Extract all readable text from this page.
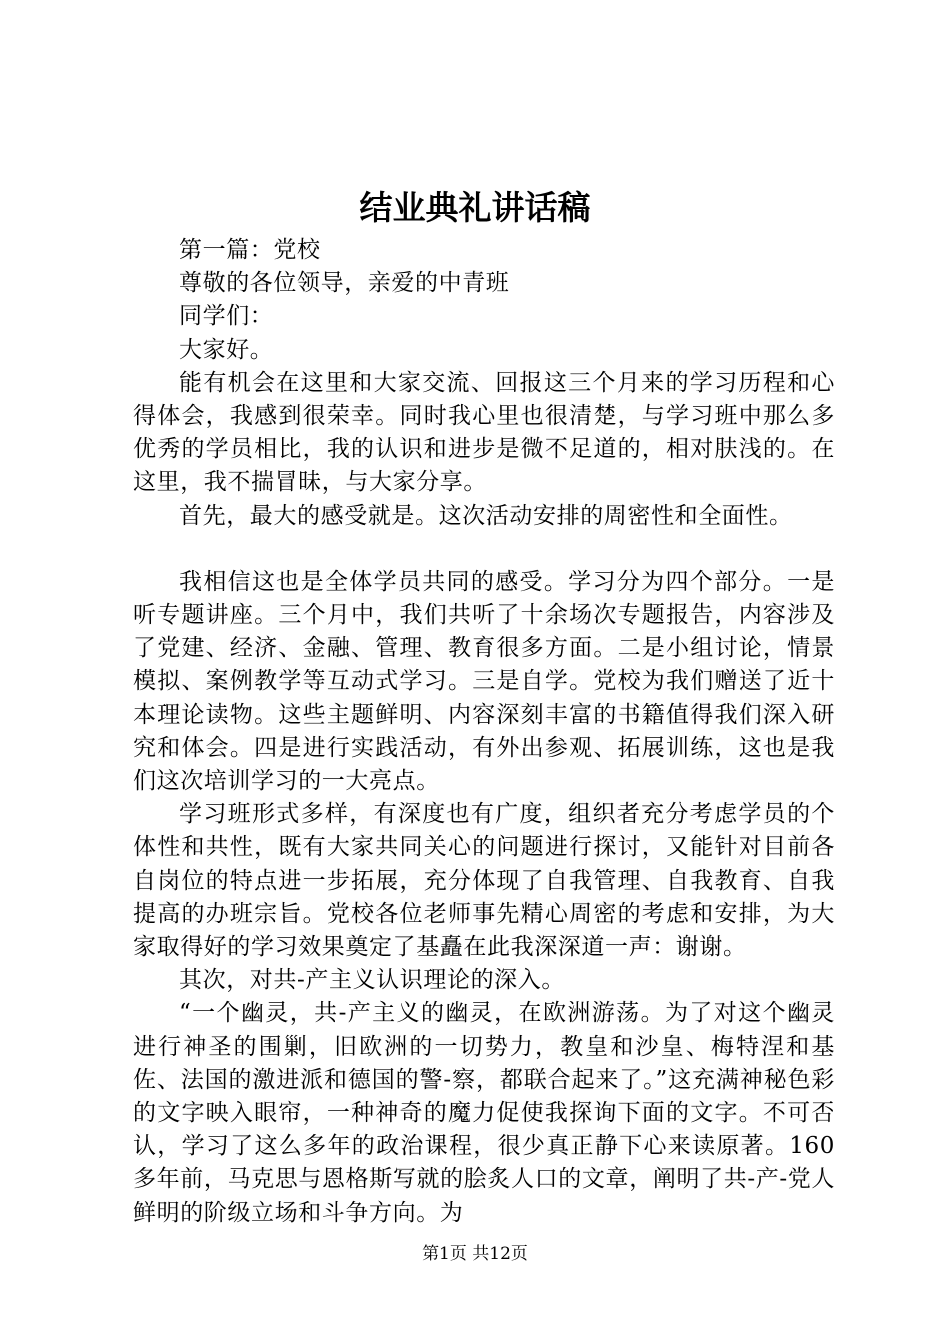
结业典礼讲话稿

第一篇：党校

尊敬的各位领导，亲爱的中青班

同学们：

大家好。

能有机会在这里和大家交流、回报这三个月来的学习历程和心得体会，我感到很荣幸。同时我心里也很清楚，与学习班中那么多优秀的学员相比，我的认识和进步是微不足道的，相对肤浅的。在这里，我不揣冒昧，与大家分享。

首先，最大的感受就是。这次活动安排的周密性和全面性。

我相信这也是全体学员共同的感受。学习分为四个部分。一是听专题讲座。三个月中，我们共听了十余场次专题报告，内容涉及了党建、经济、金融、管理、教育很多方面。二是小组讨论，情景模拟、案例教学等互动式学习。三是自学。党校为我们赠送了近十本理论读物。这些主题鲜明、内容深刻丰富的书籍值得我们深入研究和体会。四是进行实践活动，有外出参观、拓展训练，这也是我们这次培训学习的一大亮点。

学习班形式多样，有深度也有广度，组织者充分考虑学员的个体性和共性，既有大家共同关心的问题进行探讨，又能针对目前各自岗位的特点进一步拓展，充分体现了自我管理、自我教育、自我提高的办班宗旨。党校各位老师事先精心周密的考虑和安排，为大家取得好的学习效果奠定了基矗在此我深深道一声：谢谢。

其次，对共-产主义认识理论的深入。

“一个幽灵，共-产主义的幽灵，在欧洲游荡。为了对这个幽灵进行神圣的围剿，旧欧洲的一切势力，教皇和沙皇、梅特涅和基佐、法国的激进派和德国的警-察，都联合起来了。”这充满神秘色彩的文字映入眼帘，一种神奇的魔力促使我探询下面的文字。不可否认，学习了这么多年的政治课程，很少真正静下心来读原著。160多年前，马克思与恩格斯写就的脍炙人口的文章，阐明了共-产-党人鲜明的阶级立场和斗争方向。为

第1页 共12页
